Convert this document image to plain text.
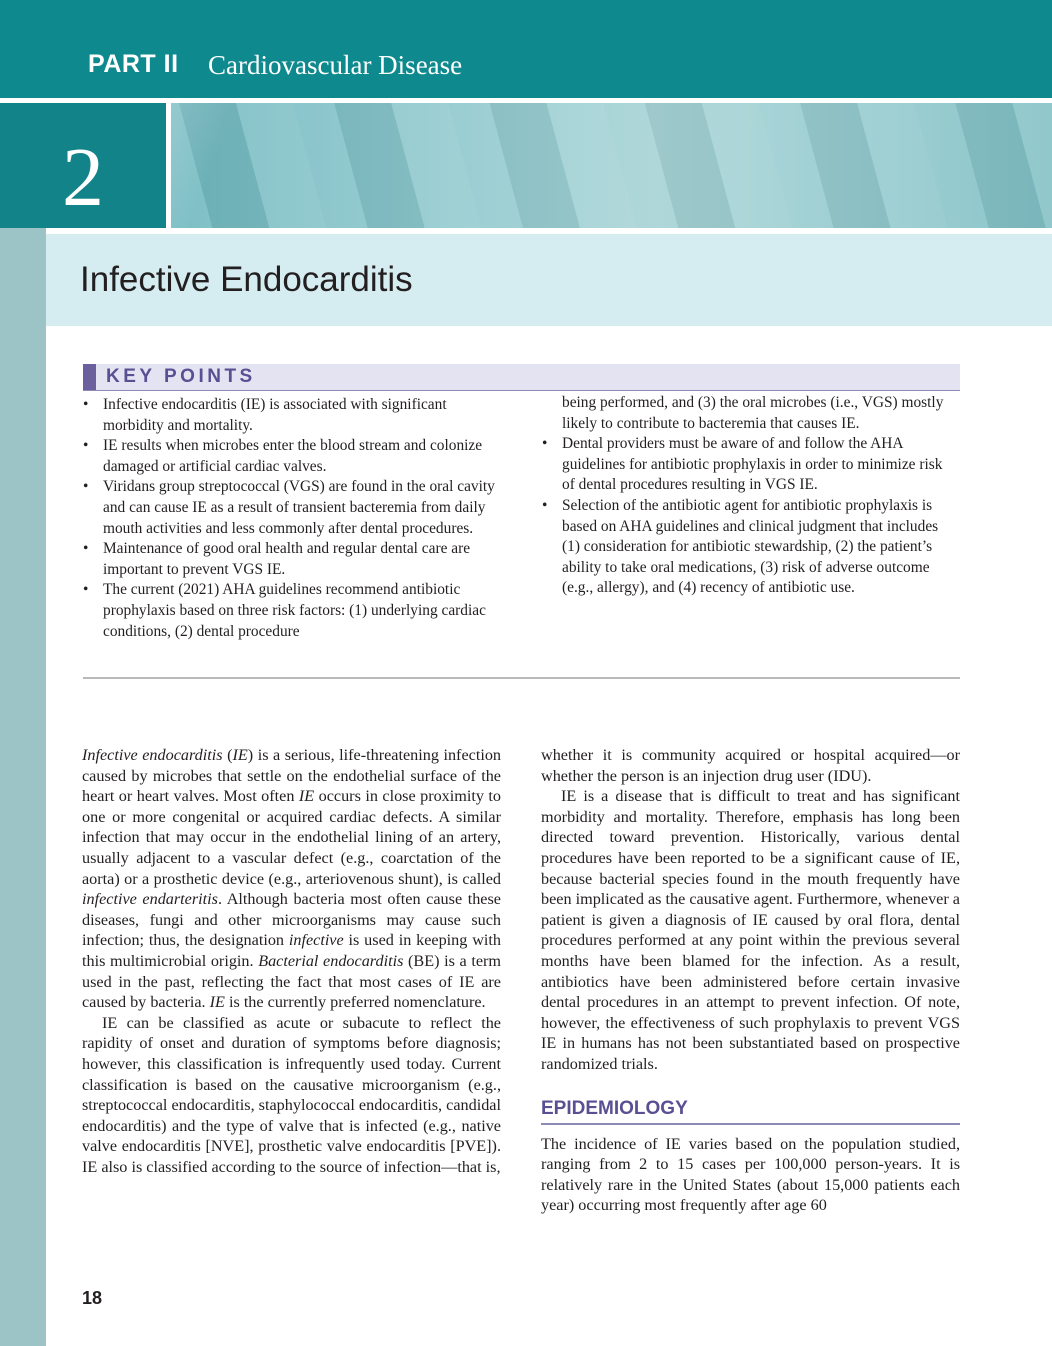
PART II Cardiovascular Disease
2
Infective Endocarditis
KEY POINTS
• Infective endocarditis (IE) is associated with significant morbidity and mortality.
• IE results when microbes enter the blood stream and colonize damaged or artificial cardiac valves.
• Viridans group streptococcal (VGS) are found in the oral cavity and can cause IE as a result of transient bacteremia from daily mouth activities and less commonly after dental procedures.
• Maintenance of good oral health and regular dental care are important to prevent VGS IE.
• The current (2021) AHA guidelines recommend antibiotic prophylaxis based on three risk factors: (1) underlying cardiac conditions, (2) dental procedure
being performed, and (3) the oral microbes (i.e., VGS) mostly likely to contribute to bacteremia that causes IE.
• Dental providers must be aware of and follow the AHA guidelines for antibiotic prophylaxis in order to minimize risk of dental procedures resulting in VGS IE.
• Selection of the antibiotic agent for antibiotic prophylaxis is based on AHA guidelines and clinical judgment that includes (1) consideration for antibiotic stewardship, (2) the patient’s ability to take oral medications, (3) risk of adverse outcome (e.g., allergy), and (4) recency of antibiotic use.

Infective endocarditis (IE) is a serious, life-threatening infection caused by microbes that settle on the endothelial surface of the heart or heart valves. Most often IE occurs in close proximity to one or more congenital or acquired cardiac defects. A similar infection that may occur in the endothelial lining of an artery, usually adjacent to a vascular defect (e.g., coarctation of the aorta) or a prosthetic device (e.g., arteriovenous shunt), is called infective endarteritis. Although bacteria most often cause these diseases, fungi and other microorganisms may cause such infection; thus, the designation infective is used in keeping with this multimicrobial origin. Bacterial endocarditis (BE) is a term used in the past, reflecting the fact that most cases of IE are caused by bacteria. IE is the currently preferred nomenclature.

IE can be classified as acute or subacute to reflect the rapidity of onset and duration of symptoms before diagnosis; however, this classification is infrequently used today. Current classification is based on the causative microorganism (e.g., streptococcal endocarditis, staphylococcal endocarditis, candidal endocarditis) and the type of valve that is infected (e.g., native valve endocarditis [NVE], prosthetic valve endocarditis [PVE]). IE also is classified according to the source of infection—that is,

whether it is community acquired or hospital acquired—or whether the person is an injection drug user (IDU).

IE is a disease that is difficult to treat and has significant morbidity and mortality. Therefore, emphasis has long been directed toward prevention. Historically, various dental procedures have been reported to be a significant cause of IE, because bacterial species found in the mouth frequently have been implicated as the causative agent. Furthermore, whenever a patient is given a diagnosis of IE caused by oral flora, dental procedures performed at any point within the previous several months have been blamed for the infection. As a result, antibiotics have been administered before certain invasive dental procedures in an attempt to prevent infection. Of note, however, the effectiveness of such prophylaxis to prevent VGS IE in humans has not been substantiated based on prospective randomized trials.

EPIDEMIOLOGY

The incidence of IE varies based on the population studied, ranging from 2 to 15 cases per 100,000 person-years. It is relatively rare in the United States (about 15,000 patients each year) occurring most frequently after age 60

18
